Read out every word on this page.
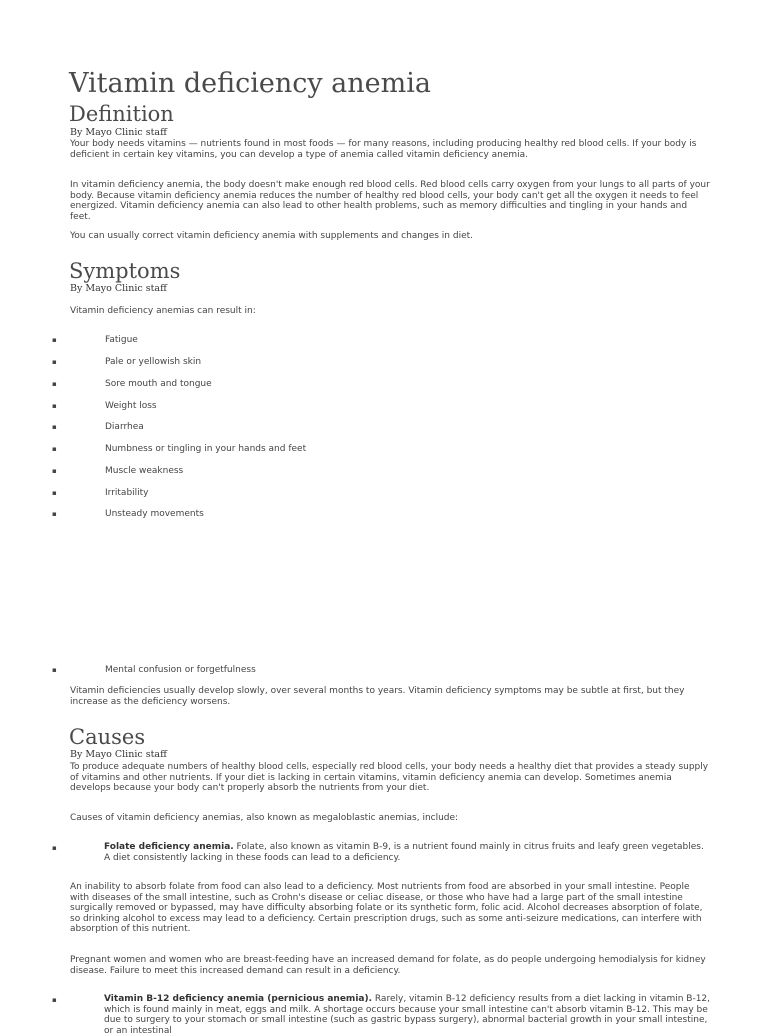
Vitamin deficiency anemia
Definition
By Mayo Clinic staff

Your body needs vitamins — nutrients found in most foods — for many reasons, including producing healthy red blood cells. If your body is deficient in certain key vitamins, you can develop a type of anemia called vitamin deficiency anemia.

In vitamin deficiency anemia, the body doesn't make enough red blood cells. Red blood cells carry oxygen from your lungs to all parts of your body. Because vitamin deficiency anemia reduces the number of healthy red blood cells, your body can't get all the oxygen it needs to feel energized. Vitamin deficiency anemia can also lead to other health problems, such as memory difficulties and tingling in your hands and feet.

You can usually correct vitamin deficiency anemia with supplements and changes in diet.

Symptoms
By Mayo Clinic staff

Vitamin deficiency anemias can result in:

▪	Fatigue
▪	Pale or yellowish skin
▪	Sore mouth and tongue
▪	Weight loss
▪	Diarrhea
▪	Numbness or tingling in your hands and feet
▪	Muscle weakness
▪	Irritability
▪	Unsteady movements
▪	Mental confusion or forgetfulness

Vitamin deficiencies usually develop slowly, over several months to years. Vitamin deficiency symptoms may be subtle at first, but they increase as the deficiency worsens.

Causes
By Mayo Clinic staff

To produce adequate numbers of healthy blood cells, especially red blood cells, your body needs a healthy diet that provides a steady supply of vitamins and other nutrients. If your diet is lacking in certain vitamins, vitamin deficiency anemia can develop. Sometimes anemia develops because your body can't properly absorb the nutrients from your diet.

Causes of vitamin deficiency anemias, also known as megaloblastic anemias, include:

▪	Folate deficiency anemia. Folate, also known as vitamin B-9, is a nutrient found mainly in citrus fruits and leafy green vegetables. A diet consistently lacking in these foods can lead to a deficiency.

An inability to absorb folate from food can also lead to a deficiency. Most nutrients from food are absorbed in your small intestine. People with diseases of the small intestine, such as Crohn's disease or celiac disease, or those who have had a large part of the small intestine surgically removed or bypassed, may have difficulty absorbing folate or its synthetic form, folic acid. Alcohol decreases absorption of folate, so drinking alcohol to excess may lead to a deficiency. Certain prescription drugs, such as some anti-seizure medications, can interfere with absorption of this nutrient.

Pregnant women and women who are breast-feeding have an increased demand for folate, as do people undergoing hemodialysis for kidney disease. Failure to meet this increased demand can result in a deficiency.

▪	Vitamin B-12 deficiency anemia (pernicious anemia). Rarely, vitamin B-12 deficiency results from a diet lacking in vitamin B-12, which is found mainly in meat, eggs and milk. A shortage occurs because your small intestine can't absorb vitamin B-12. This may be due to surgery to your stomach or small intestine (such as gastric bypass surgery), abnormal bacterial growth in your small intestine, or an intestinal
